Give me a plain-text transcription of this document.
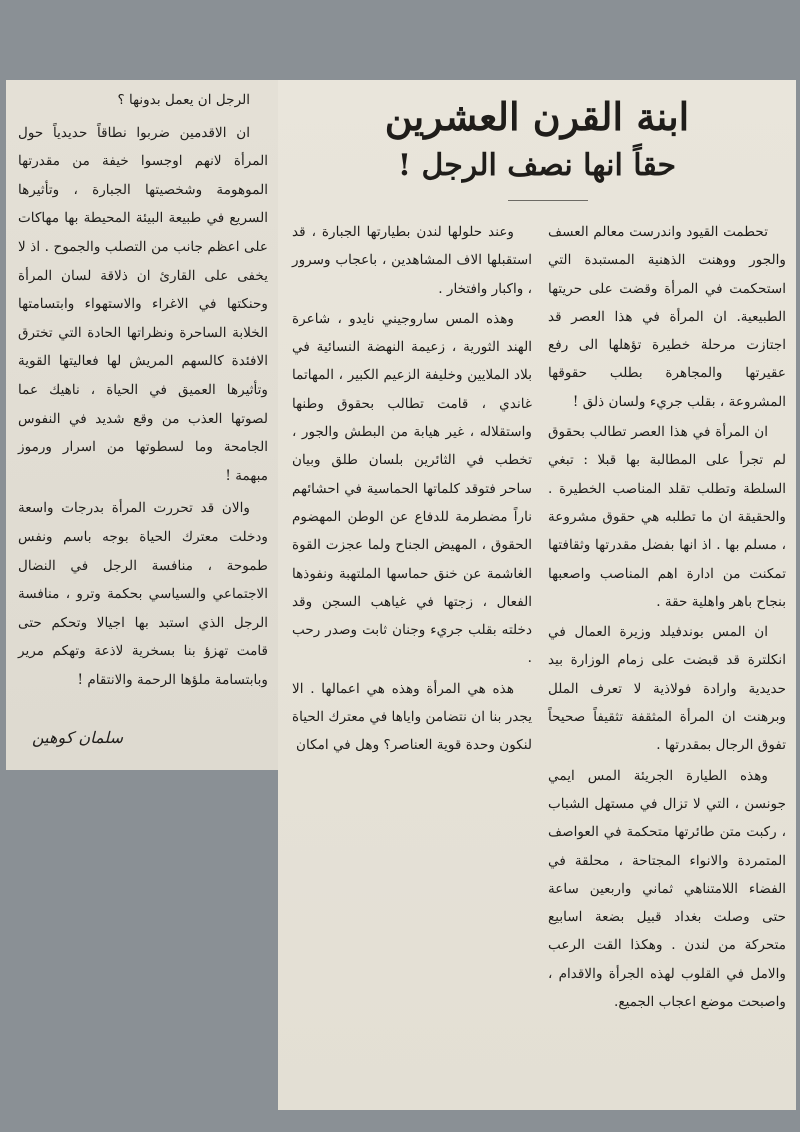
ابنة القرن العشرين
حقاً انها نصف الرجل !

تحطمت القيود واندرست معالم العسف والجور ووهنت الذهنية المستبدة التي استحكمت في المرأة وقضت على حريتها الطبيعية. ان المرأة في هذا العصر قد اجتازت مرحلة خطيرة تؤهلها الى رفع عقيرتها والمجاهرة بطلب حقوقها المشروعة ، بقلب جريء ولسان ذلق !

ان المرأة في هذا العصر تطالب بحقوق لم تجرأ على المطالبة بها قبلا : تبغي السلطة وتطلب تقلد المناصب الخطيرة . والحقيقة ان ما تطلبه هي حقوق مشروعة ، مسلم بها . اذ انها بفضل مقدرتها وثقافتها تمكنت من ادارة اهم المناصب واصعبها بنجاح باهر واهلية حقة .

ان المس بوندفيلد وزيرة العمال في انكلترة قد قبضت على زمام الوزارة بيد حديدية وارادة فولاذية لا تعرف الملل وبرهنت ان المرأة المثقفة تثقيفاً صحيحاً تفوق الرجال بمقدرتها .

وهذه الطيارة الجريئة المس ايمي جونسن ، التي لا تزال في مستهل الشباب ، ركبت متن طائرتها متحكمة في العواصف المتمردة والانواء المجتاحة ، محلقة في الفضاء اللامتناهي ثماني واربعين ساعة حتى وصلت بغداد قبيل بضعة اسابيع متحركة من لندن . وهكذا القت الرعب والامل في القلوب لهذه الجرأة والاقدام ، واصبحت موضع اعجاب الجميع.

وعند حلولها لندن بطيارتها الجبارة ، قد استقبلها الاف المشاهدين ، باعجاب وسرور ، واكبار وافتخار .

وهذه المس ساروجيني نايدو ، شاعرة الهند الثورية ، زعيمة النهضة النسائية في بلاد الملايين وخليفة الزعيم الكبير ، المهاتما غاندي ، قامت تطالب بحقوق وطنها واستقلاله ، غير هيابة من البطش والجور ، تخطب في الثائرين بلسان طلق وبيان ساحر فتوقد كلماتها الحماسية في احشائهم ناراً مضطرمة للدفاع عن الوطن المهضوم الحقوق ، المهيض الجناح ولما عجزت القوة الغاشمة عن خنق حماسها الملتهبة ونفوذها الفعال ، زجتها في غياهب السجن وقد دخلته بقلب جريء وجنان ثابت وصدر رحب .

هذه هي المرأة وهذه هي اعمالها . الا يجدر بنا ان نتضامن واياها في معترك الحياة لنكون وحدة قوية العناصر؟ وهل في امكان

الرجل ان يعمل بدونها ؟

ان الاقدمين ضربوا نطاقاً حديدياً حول المرأة لانهم اوجسوا خيفة من مقدرتها الموهومة وشخصيتها الجبارة ، وتأثيرها السريع في طبيعة البيئة المحيطة بها مهاكات على اعظم جانب من التصلب والجموح . اذ لا يخفى على القارئ ان ذلاقة لسان المرأة وحنكتها في الاغراء والاستهواء وابتسامتها الخلابة الساحرة ونظراتها الحادة التي تخترق الافئدة كالسهم المريش لها فعاليتها القوية وتأثيرها العميق في الحياة ، ناهيك عما لصوتها العذب من وقع شديد في النفوس الجامحة وما لسطوتها من اسرار ورموز مبهمة !

والان قد تحررت المرأة بدرجات واسعة ودخلت معترك الحياة بوجه باسم ونفس طموحة ، منافسة الرجل في النضال الاجتماعي والسياسي بحكمة وترو ، منافسة الرجل الذي استبد بها اجيالا وتحكم حتى قامت تهزؤ بنا بسخرية لاذعة وتهكم مرير وبابتسامة ملؤها الرحمة والانتقام !

سلمان كوهين
